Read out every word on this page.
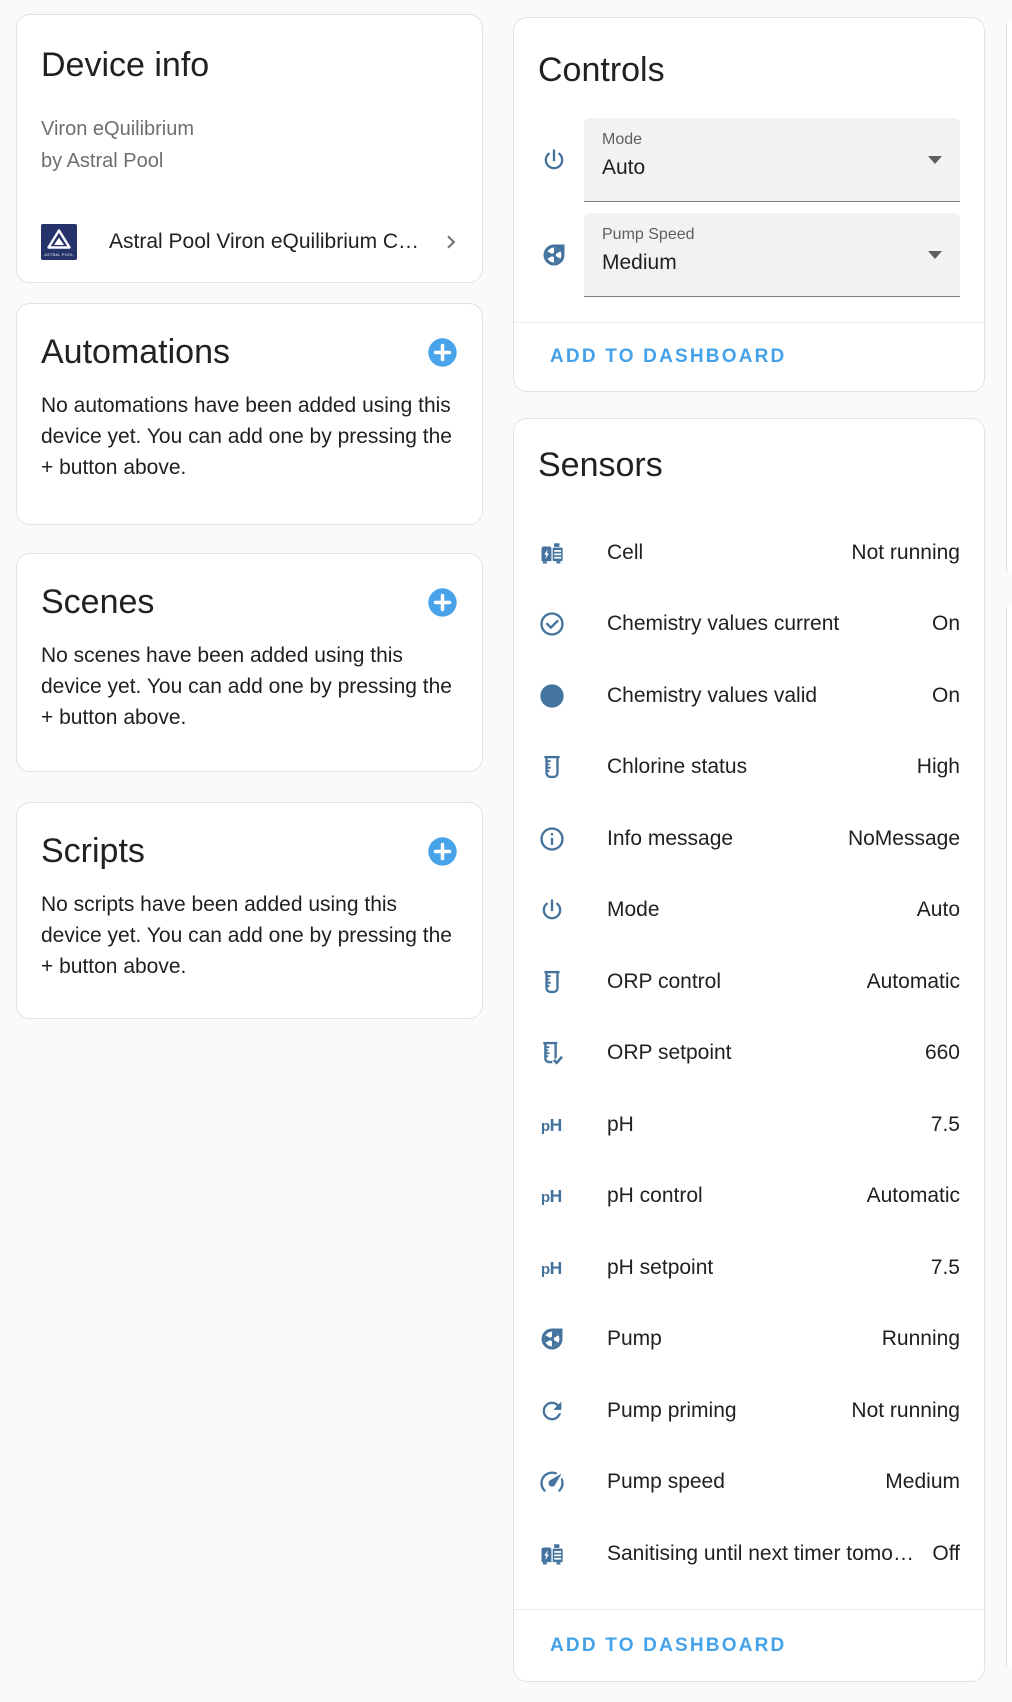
Device info
Viron eQuilibrium
by Astral Pool
ASTRAL POOL
Astral Pool Viron eQuilibrium C…
Automations
No automations have been added using this device yet. You can add one by pressing the + button above.
Scenes
No scenes have been added using this device yet. You can add one by pressing the + button above.
Scripts
No scripts have been added using this device yet. You can add one by pressing the + button above.
Controls
Mode
Auto
Pump Speed
Medium
ADD TO DASHBOARD
Sensors
Cell	Not running
Chemistry values current	On
Chemistry values valid	On
Chlorine status	High
Info message	NoMessage
Mode	Auto
ORP control	Automatic
ORP setpoint	660
p H pH	7.5
p H pH control	Automatic
p H pH setpoint	7.5
Pump	Running
Pump priming	Not running
Pump speed	Medium
Sanitising until next timer tomo… Off
ADD TO DASHBOARD
